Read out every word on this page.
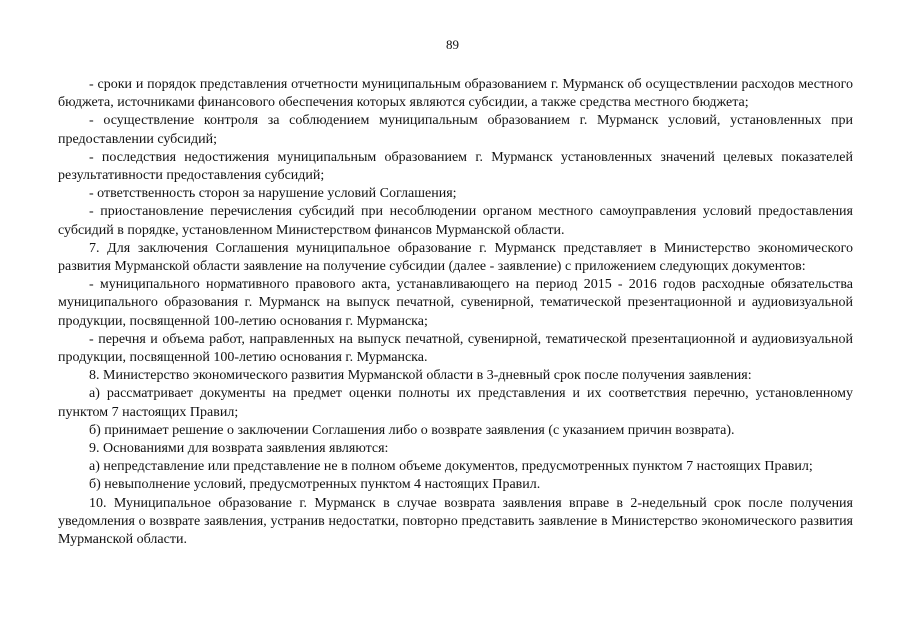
89

- сроки и порядок представления отчетности муниципальным образованием г. Мурманск об осуществлении расходов местного бюджета, источниками финансового обеспечения которых являются субсидии, а также средства местного бюджета;

- осуществление контроля за соблюдением муниципальным образованием г. Мурманск условий, установленных при предоставлении субсидий;

- последствия недостижения муниципальным образованием г. Мурманск установленных значений целевых показателей результативности предоставления субсидий;

- ответственность сторон за нарушение условий Соглашения;

- приостановление перечисления субсидий при несоблюдении органом местного самоуправления условий предоставления субсидий в порядке, установленном Министерством финансов Мурманской области.

7. Для заключения Соглашения муниципальное образование г. Мурманск представляет в Министерство экономического развития Мурманской области заявление на получение субсидии (далее - заявление) с приложением следующих документов:

- муниципального нормативного правового акта, устанавливающего на период 2015 - 2016 годов расходные обязательства муниципального образования г. Мурманск на выпуск печатной, сувенирной, тематической презентационной и аудиовизуальной продукции, посвященной 100-летию основания г. Мурманска;

- перечня и объема работ, направленных на выпуск печатной, сувенирной, тематической презентационной и аудиовизуальной продукции, посвященной 100-летию основания г. Мурманска.

8. Министерство экономического развития Мурманской области в 3-дневный срок после получения заявления:

а) рассматривает документы на предмет оценки полноты их представления и их соответствия перечню, установленному пунктом 7 настоящих Правил;

б) принимает решение о заключении Соглашения либо о возврате заявления (с указанием причин возврата).

9. Основаниями для возврата заявления являются:

а) непредставление или представление не в полном объеме документов, предусмотренных пунктом 7 настоящих Правил;

б) невыполнение условий, предусмотренных пунктом 4 настоящих Правил.

10. Муниципальное образование г. Мурманск в случае возврата заявления вправе в 2-недельный срок после получения уведомления о возврате заявления, устранив недостатки, повторно представить заявление в Министерство экономического развития Мурманской области.
